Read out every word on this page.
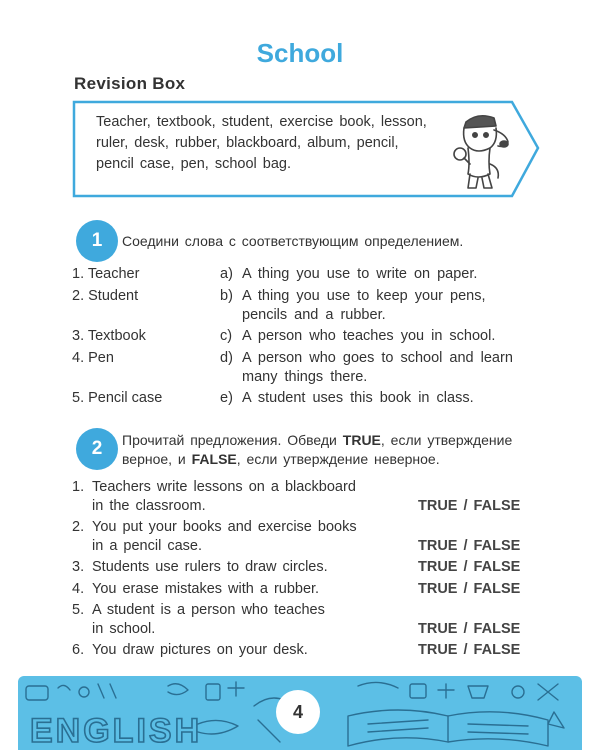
School
Revision Box
Teacher, textbook, student, exercise book, lesson,
ruler, desk, rubber, blackboard, album, pencil,
pencil case, pen, school bag.
1	Соедини слова с соответствующим определением.
1. Teacher	a) A thing you use to write on paper.
2. Student	b) A thing you use to keep your pens,
pencils and a rubber.
3. Textbook	c) A person who teaches you in school.
4. Pen	d) A person who goes to school and learn
many things there.
5. Pencil case	e) A student uses this book in class.
2	Прочитай предложения. Обведи TRUE, если утверждение
верное, и FALSE, если утверждение неверное.
1. Teachers write lessons on a blackboard
in the classroom.	TRUE / FALSE
2. You put your books and exercise books
in a pencil case.	TRUE / FALSE
3. Students use rulers to draw circles.	TRUE / FALSE
4. You erase mistakes with a rubber.	TRUE / FALSE
5. A student is a person who teaches
in school.	TRUE / FALSE
6. You draw pictures on your desk.	TRUE / FALSE
ENGLISH
4
